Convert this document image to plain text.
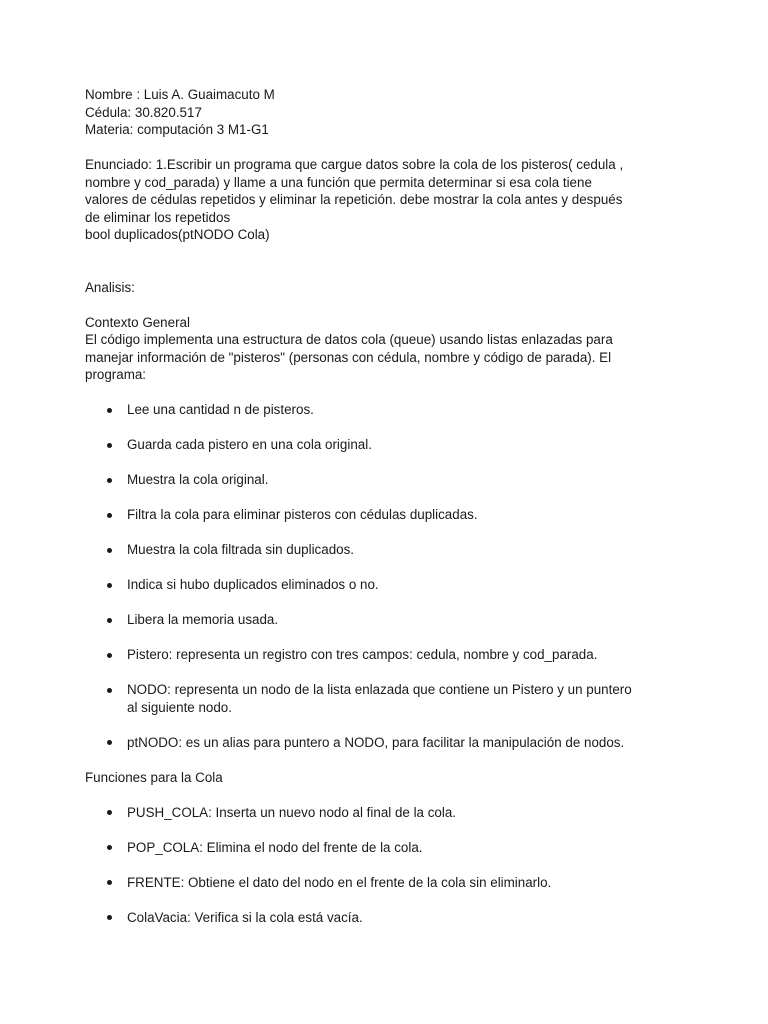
Nombre : Luis A. Guaimacuto M
Cédula: 30.820.517
Materia: computación 3 M1-G1
Enunciado: 1.Escribir un programa que cargue datos sobre la cola de los pisteros( cedula ,
nombre y cod_parada) y llame a una función que permita determinar si esa cola tiene
valores de cédulas repetidos y eliminar la repetición. debe mostrar la cola antes y después
de eliminar los repetidos
bool duplicados(ptNODO Cola)
Analisis:
Contexto General
El código implementa una estructura de datos cola (queue) usando listas enlazadas para
manejar información de "pisteros" (personas con cédula, nombre y código de parada). El
programa:
Lee una cantidad n de pisteros.
Guarda cada pistero en una cola original.
Muestra la cola original.
Filtra la cola para eliminar pisteros con cédulas duplicadas.
Muestra la cola filtrada sin duplicados.
Indica si hubo duplicados eliminados o no.
Libera la memoria usada.
Pistero: representa un registro con tres campos: cedula, nombre y cod_parada.
NODO: representa un nodo de la lista enlazada que contiene un Pistero y un puntero
al siguiente nodo.
ptNODO: es un alias para puntero a NODO, para facilitar la manipulación de nodos.
Funciones para la Cola
PUSH_COLA: Inserta un nuevo nodo al final de la cola.
POP_COLA: Elimina el nodo del frente de la cola.
FRENTE: Obtiene el dato del nodo en el frente de la cola sin eliminarlo.
ColaVacia: Verifica si la cola está vacía.
